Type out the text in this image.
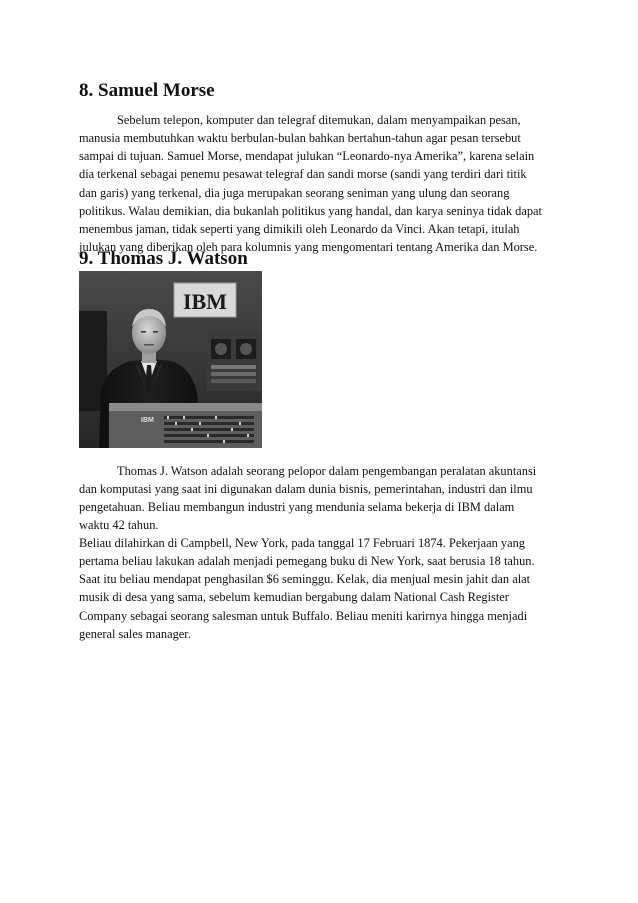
8. Samuel Morse
Sebelum telepon, komputer dan telegraf ditemukan, dalam menyampaikan pesan,
manusia membutuhkan waktu berbulan-bulan bahkan bertahun-tahun agar pesan tersebut
sampai di tujuan. Samuel Morse, mendapat julukan “Leonardo-nya Amerika”, karena selain
dia terkenal sebagai penemu pesawat telegraf dan sandi morse (sandi yang terdiri dari titik
dan garis) yang terkenal, dia juga merupakan seorang seniman yang ulung dan seorang
politikus. Walau demikian, dia bukanlah politikus yang handal, dan karya seninya tidak dapat
menembus jaman, tidak seperti yang dimikili oleh Leonardo da Vinci. Akan tetapi, itulah
julukan yang diberikan oleh para kolumnis yang mengomentari tentang Amerika dan Morse.
9. Thomas J. Watson
IBM
IBM
Thomas J. Watson adalah seorang pelopor dalam pengembangan peralatan akuntansi
dan komputasi yang saat ini digunakan dalam dunia bisnis, pemerintahan, industri dan ilmu
pengetahuan. Beliau membangun industri yang mendunia selama bekerja di IBM dalam
waktu 42 tahun.
Beliau dilahirkan di Campbell, New York, pada tanggal 17 Februari 1874. Pekerjaan yang
pertama beliau lakukan adalah menjadi pemegang buku di New York, saat berusia 18 tahun.
Saat itu beliau mendapat penghasilan $6 seminggu. Kelak, dia menjual mesin jahit dan alat
musik di desa yang sama, sebelum kemudian bergabung dalam National Cash Register
Company sebagai seorang salesman untuk Buffalo. Beliau meniti karirnya hingga menjadi
general sales manager.
